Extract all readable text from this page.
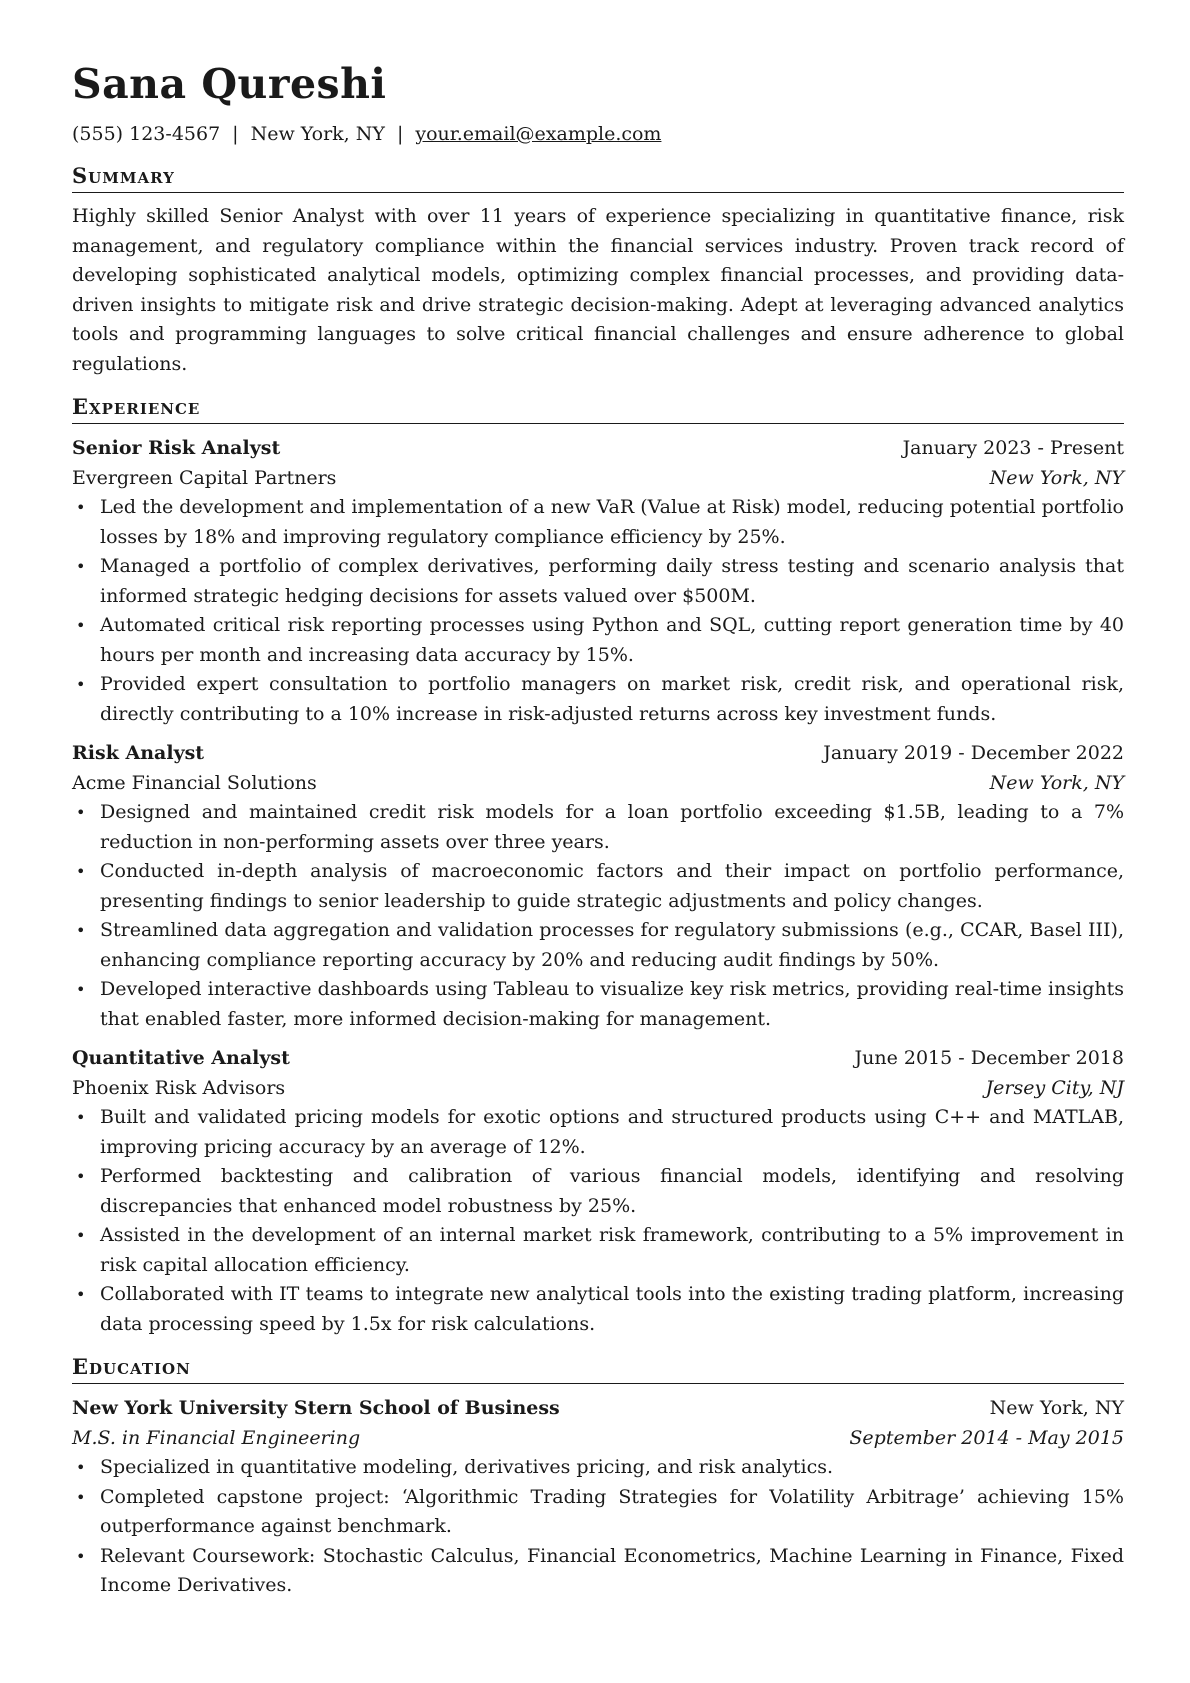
Sana Qureshi
(555) 123-4567 | New York, NY | your.email@example.com
Summary
Highly skilled Senior Analyst with over 11 years of experience specializing in quantitative finance, risk management, and regulatory compliance within the financial services industry. Proven track record of developing sophisticated analytical models, optimizing complex financial processes, and providing data-driven insights to mitigate risk and drive strategic decision-making. Adept at leveraging advanced analytics tools and programming languages to solve critical financial challenges and ensure adherence to global regulations.
Experience
Senior Risk Analyst	January 2023 - Present
Evergreen Capital Partners	New York, NY
• Led the development and implementation of a new VaR (Value at Risk) model, reducing potential portfolio losses by 18% and improving regulatory compliance efficiency by 25%.
• Managed a portfolio of complex derivatives, performing daily stress testing and scenario analysis that informed strategic hedging decisions for assets valued over $500M.
• Automated critical risk reporting processes using Python and SQL, cutting report generation time by 40 hours per month and increasing data accuracy by 15%.
• Provided expert consultation to portfolio managers on market risk, credit risk, and operational risk, directly contributing to a 10% increase in risk-adjusted returns across key investment funds.
Risk Analyst	January 2019 - December 2022
Acme Financial Solutions	New York, NY
• Designed and maintained credit risk models for a loan portfolio exceeding $1.5B, leading to a 7% reduction in non-performing assets over three years.
• Conducted in-depth analysis of macroeconomic factors and their impact on portfolio performance, presenting findings to senior leadership to guide strategic adjustments and policy changes.
• Streamlined data aggregation and validation processes for regulatory submissions (e.g., CCAR, Basel III), enhancing compliance reporting accuracy by 20% and reducing audit findings by 50%.
• Developed interactive dashboards using Tableau to visualize key risk metrics, providing real-time insights that enabled faster, more informed decision-making for management.
Quantitative Analyst	June 2015 - December 2018
Phoenix Risk Advisors	Jersey City, NJ
• Built and validated pricing models for exotic options and structured products using C++ and MATLAB, improving pricing accuracy by an average of 12%.
• Performed backtesting and calibration of various financial models, identifying and resolving discrepancies that enhanced model robustness by 25%.
• Assisted in the development of an internal market risk framework, contributing to a 5% improvement in risk capital allocation efficiency.
• Collaborated with IT teams to integrate new analytical tools into the existing trading platform, increasing data processing speed by 1.5x for risk calculations.
Education
New York University Stern School of Business	New York, NY
M.S. in Financial Engineering	September 2014 - May 2015
• Specialized in quantitative modeling, derivatives pricing, and risk analytics.
• Completed capstone project: ‘Algorithmic Trading Strategies for Volatility Arbitrage’ achieving 15% outperformance against benchmark.
• Relevant Coursework: Stochastic Calculus, Financial Econometrics, Machine Learning in Finance, Fixed Income Derivatives.
